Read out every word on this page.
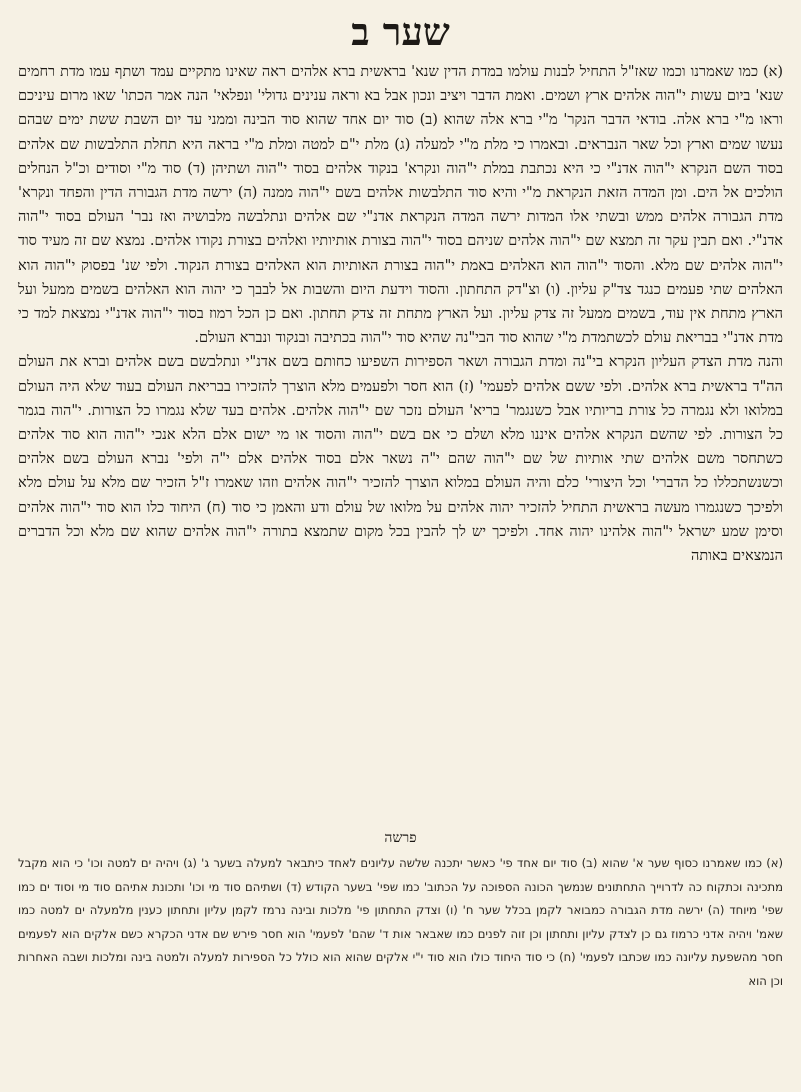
שער ב

(א) כמו שאמרנו וכמו שאז"ל התחיל לבנות עולמו במדת הדין שנא' בראשית ברא אלהים ראה שאינו מתקיים עמד ושתף עמו מדת רחמים שנא' ביום עשות י"הוה אלהים ארץ ושמים. ואמת הדבר ויציב ונכון אבל בא וראה ענינים גדולי' ונפלאי' הנה אמר הכתו' שאו מרום עיניכם וראו מ"י ברא אלה. בודאי הדבר הנקר' מ"י ברא אלה שהוא (ב) סוד יום אחד שהוא סוד הבינה וממני עד יום השבת ששת ימים שבהם נעשו שמים וארץ וכל שאר הנבראים. ובאמרו כי מלת מ"י למעלה (ג) מלת י"ם למטה ומלת מ"י בראה היא תחלת התלבשות שם אלהים בסוד השם הנקרא י"הוה אדנ"י כי היא נכתבת במלת י"הוה ונקרא' בנקוד אלהים בסוד י"הוה ושתיהן (ד) סוד מ"י וסודים וכ"ל הנחלים הולכים אל הים. ומן המדה הזאת הנקראת מ"י והיא סוד התלבשות אלהים בשם י"הוה ממנה (ה) ירשה מדת הגבורה הדין והפחד ונקרא' מדת הגבורה אלהים ממש ובשתי אלו המדות ירשה המדה הנקראת אדנ"י שם אלהים ונתלבשה מלבושיה ואז נבר' העולם בסוד י"הוה אדנ"י. ואם תבין עקר זה תמצא שם י"הוה אלהים שניהם בסוד י"הוה בצורת אותיותיו ואלהים בצורת נקודו אלהים. נמצא שם זה מעיד סוד י"הוה אלהים שם מלא. והסוד י"הוה הוא האלהים באמת י"הוה בצורת האותיות הוא האלהים בצורת הנקוד. ולפי שנ' בפסוק י"הוה הוא האלהים שתי פעמים כנגד צד"ק עליון. (ו) וצ"דק התחתון. והסוד וידעת היום והשבות אל לבבך כי יהוה הוא האלהים בשמים ממעל ועל הארץ מתחת אין עוד, בשמים ממעל זה צדק עליון. ועל הארץ מתחת זה צדק תחתון. ואם כן הכל רמוז בסוד י"הוה אדנ"י נמצאת למד כי מדת אדנ"י בבריאת עולם לכשתמדת מ"י שהוא סוד הבי"נה שהיא סוד י"הוה בכתיבה ובנקוד ונברא העולם.

והנה מדת הצדק העליון הנקרא בי"נה ומדת הגבורה ושאר הספירות השפיעו כחותם בשם אדנ"י ונתלבשם בשם אלהים וברא את העולם הה"ד בראשית ברא אלהים. ולפי ששם אלהים לפעמי' (ז) הוא חסר ולפעמים מלא הוצרך להזכירו בבריאת העולם בעוד שלא היה העולם במלואו ולא נגמרה כל צורת בריותיו אבל כשנגמר' בריא' העולם נזכר שם י"הוה אלהים. אלהים בעד שלא נגמרו כל הצורות. י"הוה בגמר כל הצורות. לפי שהשם הנקרא אלהים איננו מלא ושלם כי אם בשם י"הוה והסוד או מי ישום אלם הלא אנכי י"הוה הוא סוד אלהים כשתחסר משם אלהים שתי אותיות של שם י"הוה שהם י"ה נשאר אלם בסוד אלהים אלם י"ה ולפי' נברא העולם בשם אלהים וכשנשתכללו כל הדברי' וכל היצורי' כלם והיה העולם במלוא הוצרך להזכיר י"הוה אלהים וזהו שאמרו ז"ל הזכיר שם מלא על עולם מלא ולפיכך כשנגמרו מעשה בראשית התחיל להזכיר יהוה אלהים על מלואו של עולם ודע והאמן כי סוד (ח) היחוד כלו הוא סוד י"הוה אלהים וסימן שמע ישראל י"הוה אלהינו יהוה אחד. ולפיכך יש לך להבין בכל מקום שתמצא בתורה י"הוה אלהים שהוא שם מלא וכל הדברים הנמצאים באותה

פרשה

(א) כמו שאמרנו כסוף שער א' שהוא (ב) סוד יום אחד פי' כאשר יתכנה שלשה עליונים לאחד כיתבאר למעלה בשער ג' (ג) ויהיה ים למטה וכו' כי הוא מקבל מתכינה וכתקוח כה לדרוייך התחתונים שנמשך הכונה הספוכה על הכתוב' כמו שפי' בשער הקודש (ד) ושתיהם סוד מי וכו' ותכונת אתיהם סוד מי וסוד ים כמו שפי' מיוחד (ה) ירשה מדת הגבורה כמבואר לקמן בכלל שער ח' (ו) וצדק התחתון פי' מלכות ובינה נרמז לקמן עליון ותחתון כענין מלמעלה ים למטה כמו שאמ' ויהיה אדני כרמוז גם כן לצדק עליון ותחתון וכן זוה לפנים כמו שאבאר אות ד' שהם' לפעמי' הוא חסר פירש שם אדני הכקרא כשם אלקים הוא לפעמים חסר מהשפעת עליונה כמו שכתבו לפעמי' (ח) כי סוד היחוד כולו הוא סוד י"י אלקים שהוא הוא כולל כל הספירות למעלה ולמטה בינה ומלכות ושבה האחרות וכן הוא
